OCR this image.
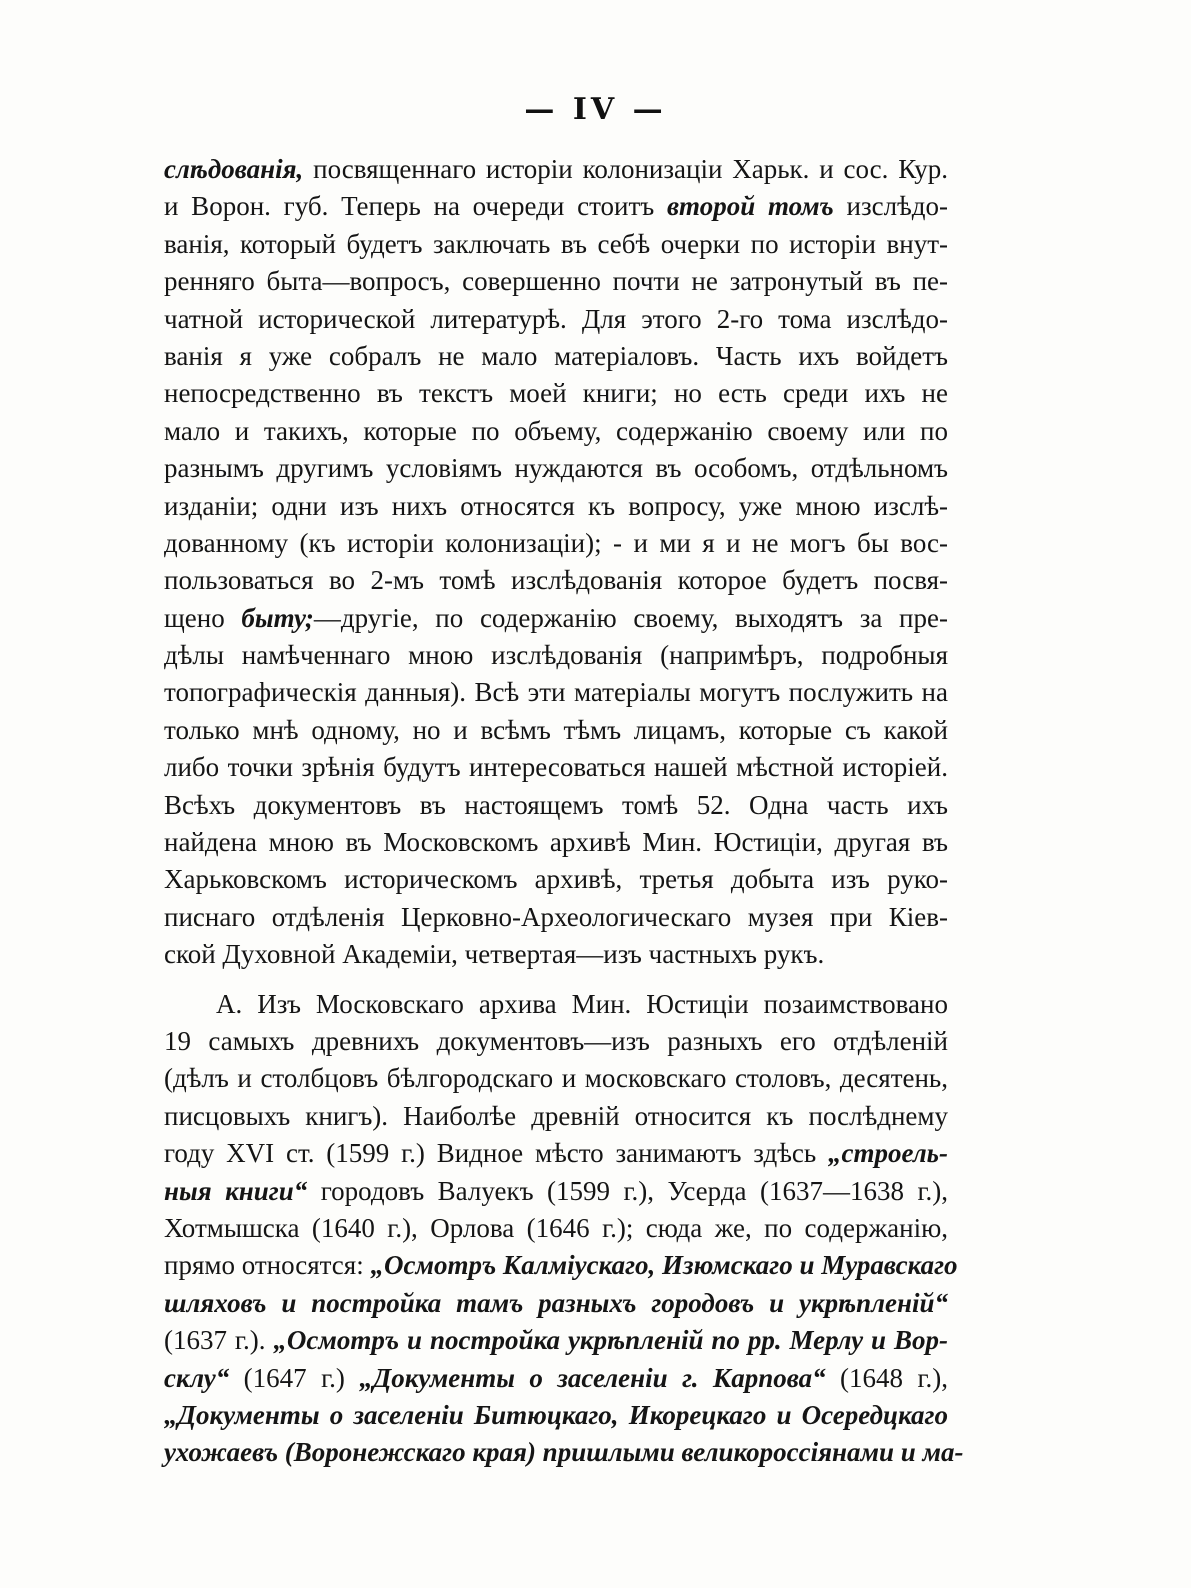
— IV —
слѣдованія, посвященнаго исторіи колонизаціи Харьк. и сос. Кур.
и Ворон. губ. Теперь на очереди стоитъ второй томъ изслѣдо-
ванія, который будетъ заключать въ себѣ очерки по исторіи внут-
ренняго быта—вопросъ, совершенно почти не затронутый въ пе-
чатной исторической литературѣ. Для этого 2-го тома изслѣдо-
ванія я уже собралъ не мало матеріаловъ. Часть ихъ войдетъ
непосредственно въ текстъ моей книги; но есть среди ихъ не
мало и такихъ, которые по объему, содержанію своему или по
разнымъ другимъ условіямъ нуждаются въ особомъ, отдѣльномъ
изданіи; одни изъ нихъ относятся къ вопросу, уже мною изслѣ-
дованному (къ исторіи колонизаціи); - и ми я и не могъ бы вос-
пользоваться во 2-мъ томѣ изслѣдованія которое будетъ посвя-
щено быту;—другіе, по содержанію своему, выходятъ за пре-
дѣлы намѣченнаго мною изслѣдованія (напримѣръ, подробныя
топографическія данныя). Всѣ эти матеріалы могутъ послужить на
только мнѣ одному, но и всѣмъ тѣмъ лицамъ, которые съ какой
либо точки зрѣнія будутъ интересоваться нашей мѣстной исторіей.
Всѣхъ документовъ въ настоящемъ томѣ 52. Одна часть ихъ
найдена мною въ Московскомъ архивѣ Мин. Юстиціи, другая въ
Харьковскомъ историческомъ архивѣ, третья добыта изъ руко-
писнаго отдѣленія Церковно-Археологическаго музея при Кіев-
ской Духовной Академіи, четвертая—изъ частныхъ рукъ.
А. Изъ Московскаго архива Мин. Юстиціи позаимствовано
19 самыхъ древнихъ документовъ—изъ разныхъ его отдѣленій
(дѣлъ и столбцовъ бѣлгородскаго и московскаго столовъ, десятень,
писцовыхъ книгъ). Наиболѣе древній относится къ послѣднему
году XVI ст. (1599 г.) Видное мѣсто занимаютъ здѣсь „строель-
ныя книги“ городовъ Валуекъ (1599 г.), Усерда (1637—1638 г.),
Хотмышска (1640 г.), Орлова (1646 г.); сюда же, по содержанію,
прямо относятся: „Осмотръ Калміускаго, Изюмскаго и Муравскаго
шляховъ и постройка тамъ разныхъ городовъ и укрѣпленій“
(1637 г.). „Осмотръ и постройка укрѣпленій по рр. Мерлу и Вор-
склу“ (1647 г.) „Документы о заселеніи г. Карпова“ (1648 г.),
„Документы о заселеніи Битюцкаго, Икорецкаго и Осередцкаго
ухожаевъ (Воронежскаго края) пришлыми великороссіянами и ма-
